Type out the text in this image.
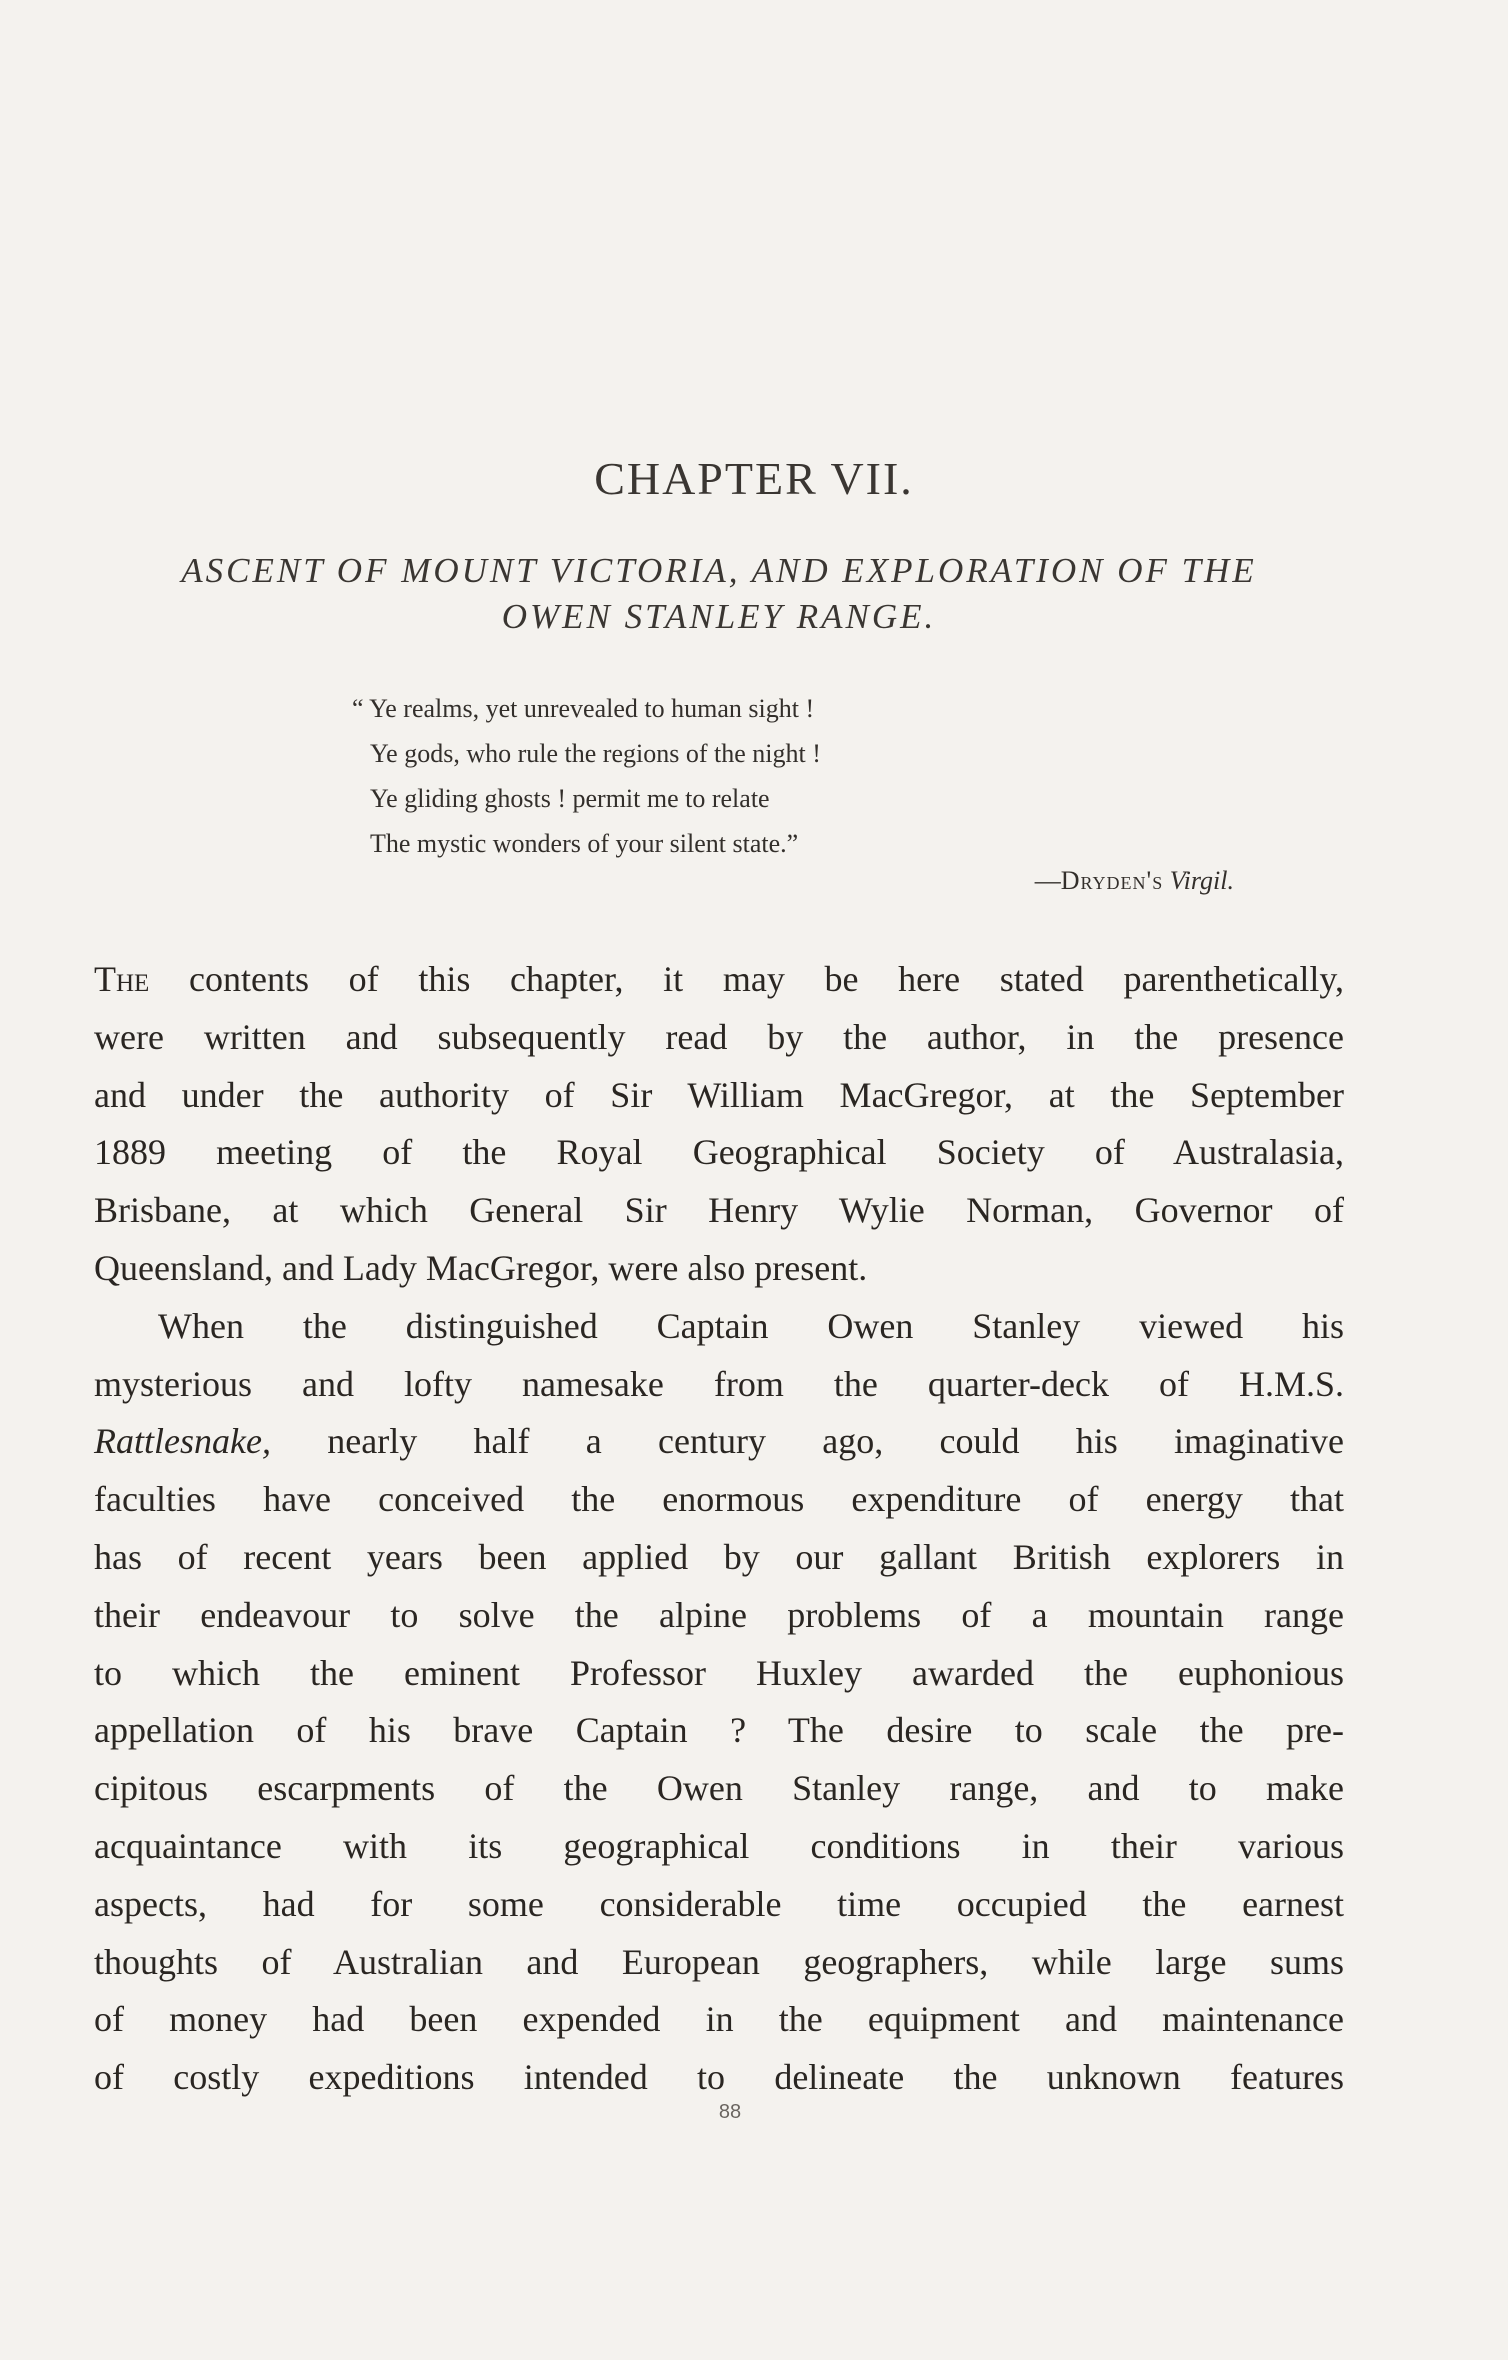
CHAPTER VII.
ASCENT OF MOUNT VICTORIA, AND EXPLORATION OF THE
OWEN STANLEY RANGE.
“ Ye realms, yet unrevealed to human sight !
Ye gods, who rule the regions of the night !
Ye gliding ghosts ! permit me to relate
The mystic wonders of your silent state.”
—Dryden's Virgil.
The contents of this chapter, it may be here stated parenthetically,
were written and subsequently read by the author, in the presence
and under the authority of Sir William MacGregor, at the September
1889 meeting of the Royal Geographical Society of Australasia,
Brisbane, at which General Sir Henry Wylie Norman, Governor of
Queensland, and Lady MacGregor, were also present.
When the distinguished Captain Owen Stanley viewed his
mysterious and lofty namesake from the quarter-deck of H.M.S.
Rattlesnake, nearly half a century ago, could his imaginative
faculties have conceived the enormous expenditure of energy that
has of recent years been applied by our gallant British explorers in
their endeavour to solve the alpine problems of a mountain range
to which the eminent Professor Huxley awarded the euphonious
appellation of his brave Captain ? The desire to scale the pre-
cipitous escarpments of the Owen Stanley range, and to make
acquaintance with its geographical conditions in their various
aspects, had for some considerable time occupied the earnest
thoughts of Australian and European geographers, while large sums
of money had been expended in the equipment and maintenance
of costly expeditions intended to delineate the unknown features
88
